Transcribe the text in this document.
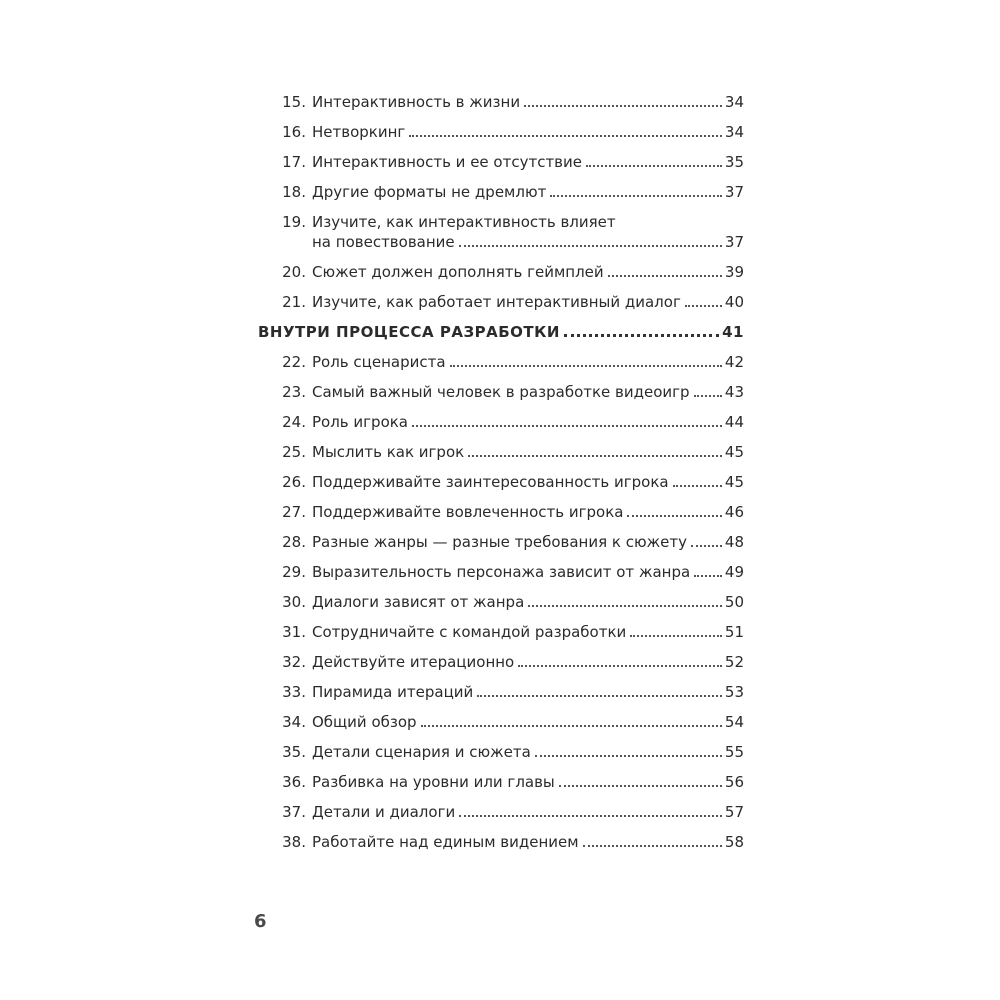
15. Интерактивность в жизни	34
16. Нетворкинг	34
17. Интерактивность и ее отсутствие	35
18. Другие форматы не дремлют	37
19. Изучите, как интерактивность влияет
на повествование	37
20. Сюжет должен дополнять геймплей	39
21. Изучите, как работает интерактивный диалог	40
ВНУТРИ ПРОЦЕССА РАЗРАБОТКИ	41
22. Роль сценариста	42
23. Самый важный человек в разработке видеоигр 43
24. Роль игрока	44
25. Мыслить как игрок	45
26. Поддерживайте заинтересованность игрока	45
27. Поддерживайте вовлеченность игрока	46
28. Разные жанры — разные требования к сюжету	48
29. Выразительность персонажа зависит от жанра 49
30. Диалоги зависят от жанра	50
31. Сотрудничайте с командой разработки	51
32. Действуйте итерационно	52
33. Пирамида итераций	53
34. Общий обзор	54
35. Детали сценария и сюжета	55
36. Разбивка на уровни или главы	56
37. Детали и диалоги	57
38. Работайте над единым видением	58
6
